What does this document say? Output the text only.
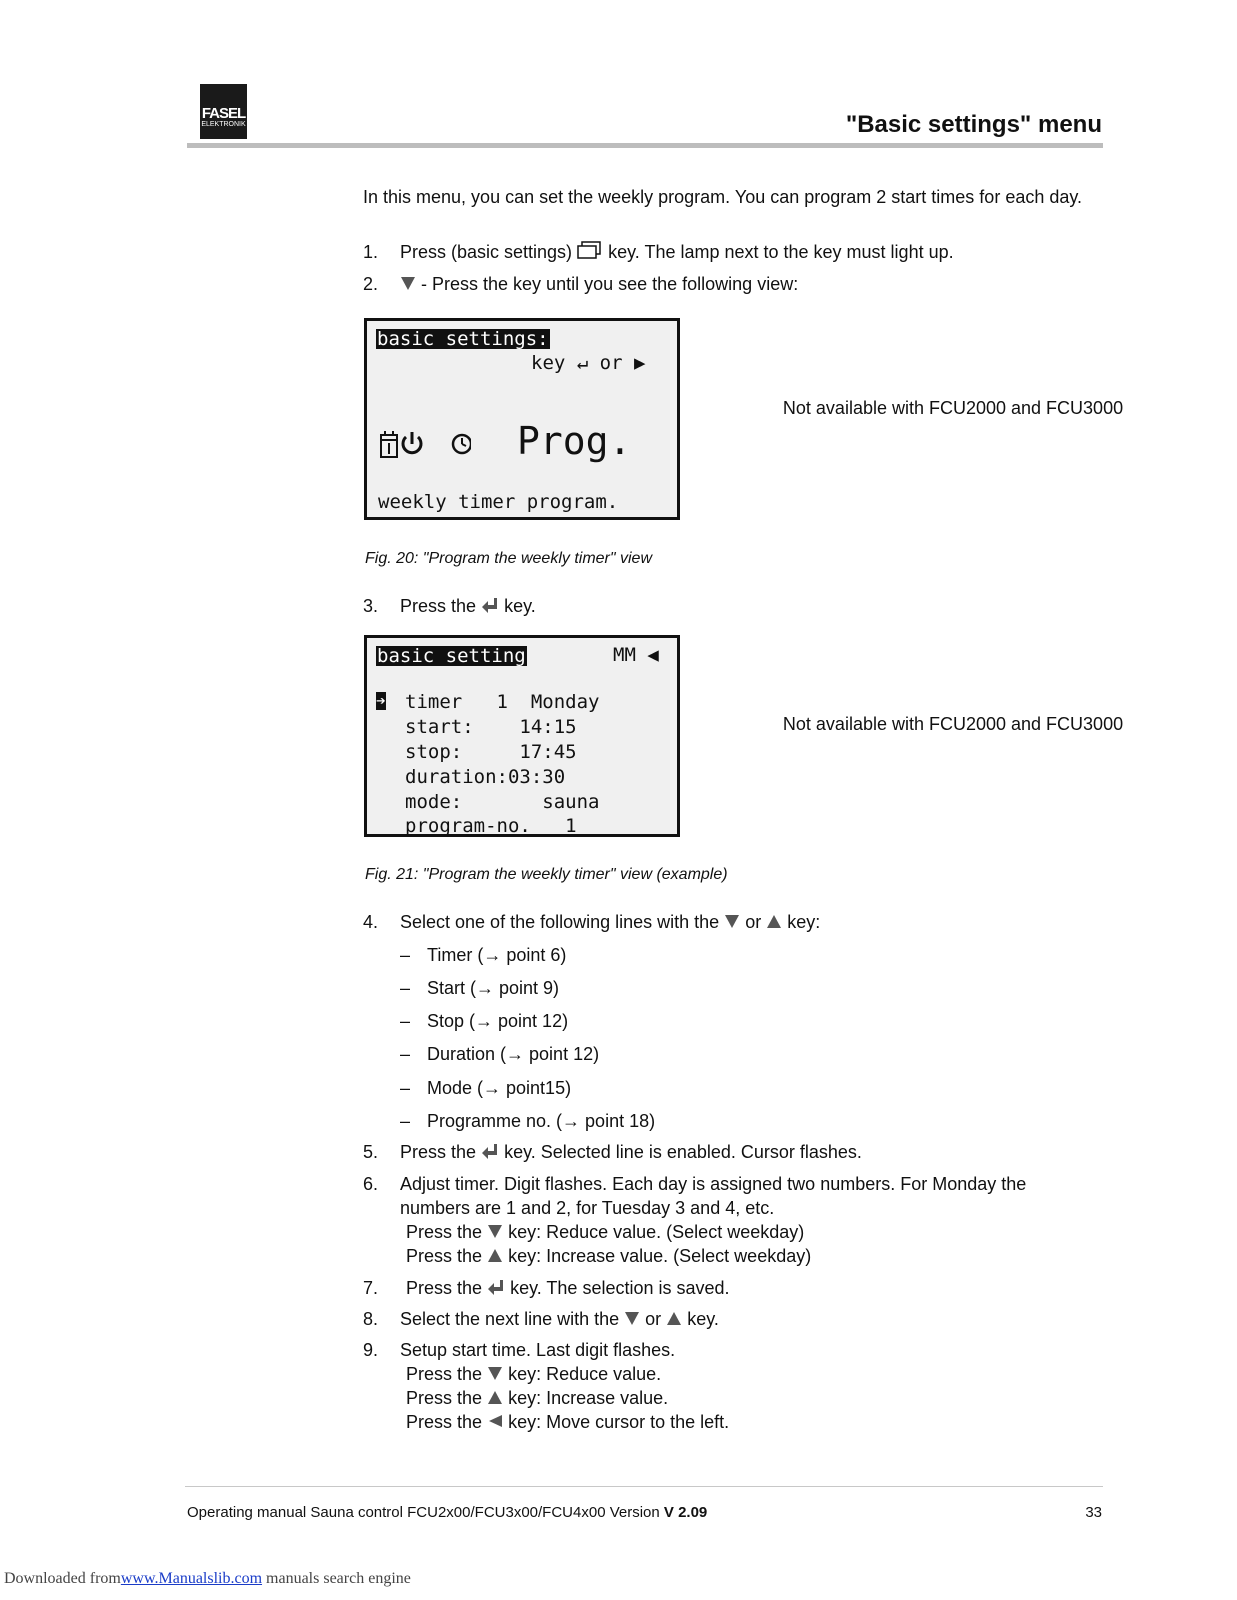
FASEL
ELEKTRONIK	"Basic settings" menu
In this menu, you can set the weekly program. You can program 2 start times for each day.
1. Press (basic settings) key. The lamp next to the key must light up.
2.	- Press the key until you see the following view:
basic settings:
key ↵ or ▶
Prog.
weekly timer program.
Not available with FCU2000 and FCU3000
Fig. 20: "Program the weekly timer" view
3. Press the key.
basic setting	MM ◀
➔ timer   1  Monday
start:    14:15
stop:     17:45
duration:03:30
mode:       sauna
program-no.   1
Not available with FCU2000 and FCU3000
Fig. 21: "Program the weekly timer" view (example)
4. Select one of the following lines with the or key:
– Timer (→ point 6)
– Start (→ point 9)
– Stop (→ point 12)
– Duration (→ point 12)
– Mode (→ point15)
– Programme no. (→ point 18)
5. Press the key. Selected line is enabled. Cursor flashes.
6. Adjust timer. Digit flashes. Each day is assigned two numbers. For Monday the
numbers are 1 and 2, for Tuesday 3 and 4, etc.
Press the key: Reduce value. (Select weekday)
Press the key: Increase value. (Select weekday)
7. Press the key. The selection is saved.
8. Select the next line with the or key.
9. Setup start time. Last digit flashes.
Press the key: Reduce value.
Press the key: Increase value.
Press the key: Move cursor to the left.
Operating manual Sauna control FCU2x00/FCU3x00/FCU4x00 Version V 2.09	33
Downloaded fromwww.Manualslib.com manuals search engine
